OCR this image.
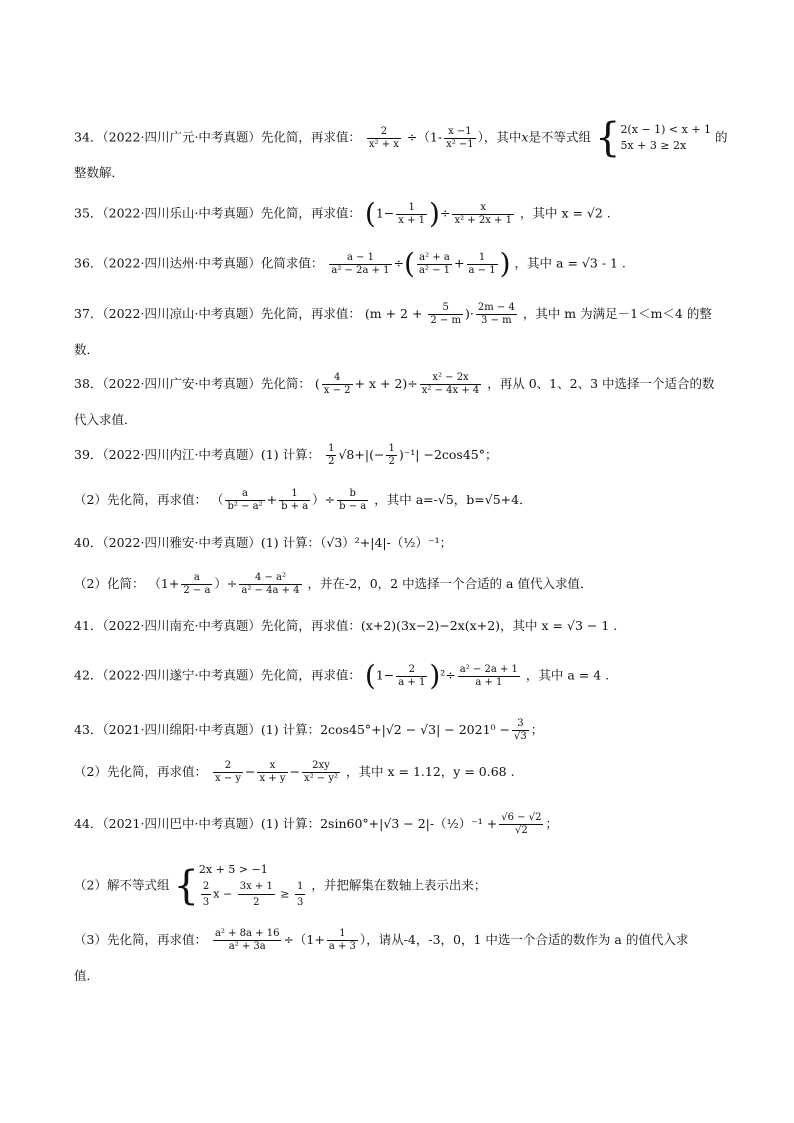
34．（2022·四川广元·中考真题）先化简，再求值： $\frac{2}{\text{x² + x}} \div(1- \frac{x -1}{\text{x² −1}}$ ），其中x是不等式组 {2(x − 1) < x + 1
5x + 3 ≥ 2x 的
整数解．
35．（2022·四川乐山·中考真题）先化简，再求值： ($1- \frac{1}{x + 1}$ )÷ $\frac{x}{\text{x² + 2x + 1}}$ ，其中 x = √2 .
36．（2022·四川达州·中考真题）化简求值： $\frac{a - 1}{\text{a² − 2a + 1}}$ ÷( $\frac{\text{a² + a}}{\text{a² − 1}} + \frac{1}{a - 1}$ ) ，其中 a = √3 - 1 .
37．（2022·四川凉山·中考真题）先化简，再求值： ($m + 2 + \frac{5}{2 - m}$ )· $\frac{2m - 4}{3 - m}$ ，其中 m 为满足－1＜m＜4 的整
数．
38．（2022·四川广安·中考真题）先化简： ( $\frac{4}{x - 2} + x + 2)\div \frac{\text{x² − 2x}}{\text{x² − 4x + 4}}$ ，再从 0、1、2、3 中选择一个适合的数
代入求值．
39．（2022·四川内江·中考真题）(1) 计算： $\frac{1}{2} √8+|(- \frac{1}{2} )^{-1}| -2\cos 45^\circ$；
（2）先化简，再求值： （ $\frac{a}{\text{b² − a²}} + \frac{1}{b + a}$ ）÷ $\frac{b}{b - a}$ ，其中 a=-√5，b=√5+4．
40．（2022·四川雅安·中考真题）(1) 计算：（√3）²+|4|-（½）⁻¹；
（2）化简： （$1+ \frac{a}{2 - a}$ ）÷ $\frac{\text{4 − a²}}{\text{a² − 4a + 4}}$ ，并在-2，0，2 中选择一个合适的 a 值代入求值．
41．（2022·四川南充·中考真题）先化简，再求值：(x+2)(3x−2)−2x(x+2)，其中 x = √3 − 1 .
42．（2022·四川遂宁·中考真题）先化简，再求值： $(1- \frac{2}{a + 1} )^2\div \frac{\text{a² − 2a + 1}}{a + 1}$ ，其中 a = 4 .
43．（2021·四川绵阳·中考真题）(1) 计算：$2\cos 45^\circ+|√2 - √3| - 2021^0 - \frac{3}{√3}$ ；
（2）先化简，再求值： $\frac{2}{x - y} - \frac{x}{x + y} - \frac{2xy}{\text{x² − y²}}$ ，其中 x = 1.12，y = 0.68 .
44．（2021·四川巴中·中考真题）(1) 计算：2sin60°+|√3 − 2|-（½）⁻¹ + $\frac{√6 - √2}{√2}$ ；
（2）解不等式组 {2x + 5 > −1

$\frac{2}{3}$ $x - \frac{3x + 1}{2} \ge \frac{1}{3}$ ，并把解集在数轴上表示出来；
（3）先化简，再求值： $\frac{\text{a² + 8a + 16}}{\text{a² + 3a}} \div(1+ \frac{1}{a + 3}$ ），请从-4，-3，0，1 中选一个合适的数作为 a 的值代入求
值．
